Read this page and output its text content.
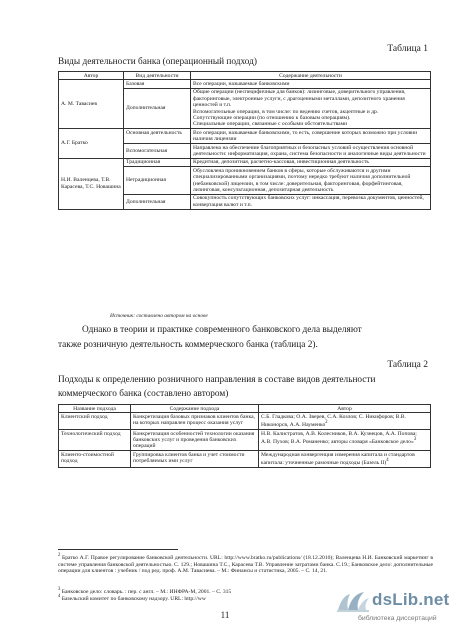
Таблица 1
Виды деятельности банка (операционный подход)
Автор	Вид деятельности	Содержание деятельности
А. М. Тавасиев	Базовая	Все операции, называемые банковскими
	Дополнительная	Общие операции (неспецифичные для банков): лизинговые, доверительного управления, факторинговые, электронные услуги, с драгоценными металлами, депозитного хранения ценностей и т.п.
Вспомогательные операции, в том числе: по ведению счетов, акцептные и др.
Сопутствующие операции (по отношению к базовым операциям).
Специальные операции, связанные с особыми обстоятельствами

А.Г. Братко	Основная деятельность	Все операции, называемые банковскими, то есть, совершение которых возможно при условии наличия лицензии
	Вспомогательная	Направлена на обеспечение благоприятных и безопасных условий осуществления основной деятельности: информатизация, охрана, система безопасности и аналогичные виды деятельности
Н.И. Валенцева, Т.В. Карасева, Т.С. Новашина	Традиционная	Кредитная, депозитная, расчетно-кассовая, инвестиционная деятельность
	Нетрадиционная	Обусловлена проникновением банков в сферы, которые обслуживаются и другими специализированными организациями, поэтому нередко требуют наличия дополнительной (небанковской) лицензии, в том числе: доверительная, факторинговая, форфейтинговая, лизинговая, консультационная, депозитарная деятельность
	Дополнительная	Совокупность сопутствующих банковских услуг: инкассация, перевозка документов, ценностей, конвертация валют и т.п.
Источник: составлено автором на основе
Однако в теории и практике современного банковского дела выделяют
также розничную деятельность коммерческого банка (таблица 2).
Таблица 2
Подходы к определению розничного направления в составе видов деятельности коммерческого банка (составлено автором)
Название подхода	Содержание подхода	Автор
Клиентский подход	Конкретизация базовых признаков клиентов банка, на которых направлен процесс оказания услуг	С.Б. Гладкова; О.А. Зверев, С.А. Козлов; С. Никифоров; В.В. Никонорсв, А.А. Науменко$^2$
Технологический подход	Конкретизация особенностей технологии оказания банковских услуг и проведения банковских операций	Н.В. Калистратов, А.В. Колесников, В.А. Кузнецов, А.А. Попова; А.В. Пухов; В.А. Романенко; авторы словаря «Банковское дело»$^3$
Клиенто-стоимостной подход	Группировка клиентов банка и учет стоимости потребляемых ими услуг	Международная конвергенция измерения капитала и стандартов капитала: уточненные рамочные подходы (Базель II)$^4$
$^2$ Братко А.Г. Правое регулирование банковской деятельности. URL: http://www.bratko.ru/publications/ (18.12.2010); Валенцева Н.И. Банковский маркетинг в системе управления банковской деятельностью. С. 129.; Новашина Т.С., Карасева Т.В. Управление затратами банка. С.19.; Банковское дело: дополнительные операции для клиентов : учебник / под ред. проф. А.М. Тавасиева. – М.: Финансы и статистика, 2005. – С. 14, 21.
$^3$ Банковское дело: словарь. : пер. с англ. – М.: ИНФРА-М, 2001. – С. 315
$^4$ Базельский комитет по банковскому надзору. URL: http://ww
11
dsLib.net
библиотека диссертаций
